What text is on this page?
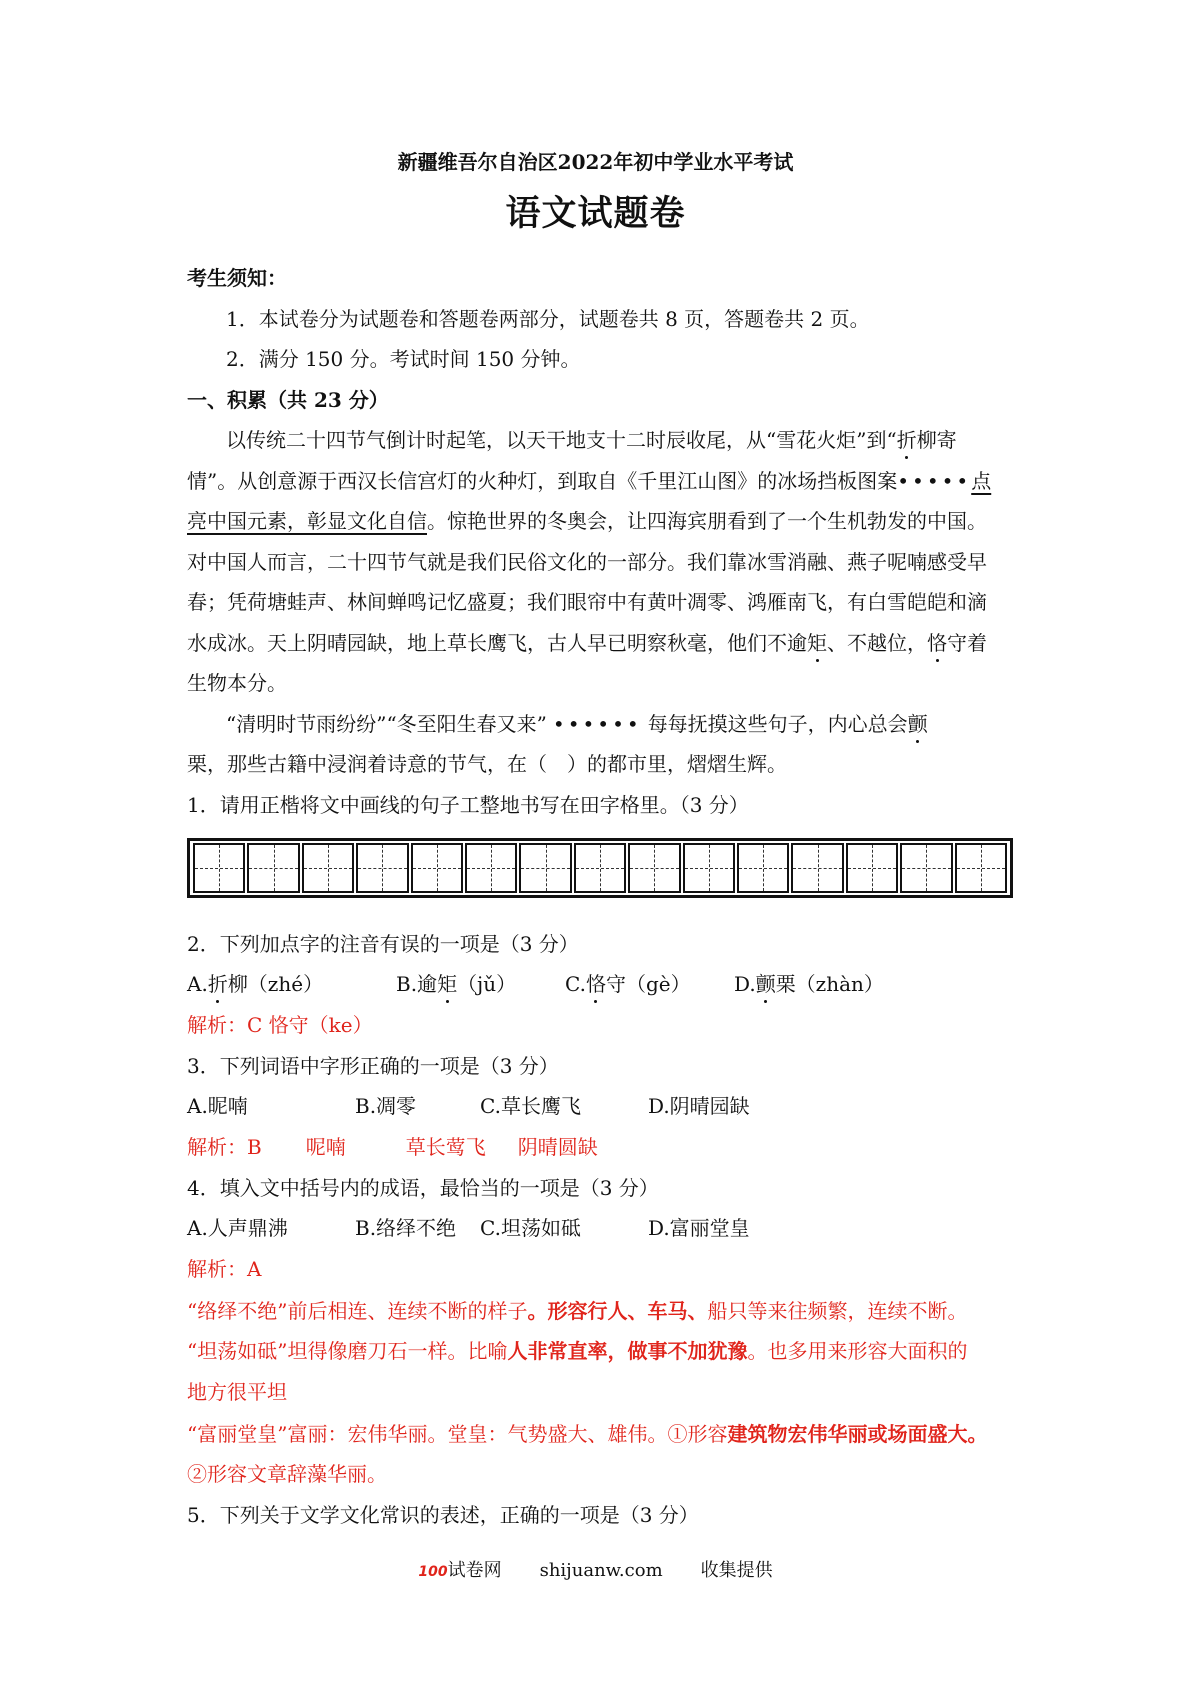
新疆维吾尔自治区2022年初中学业水平考试
语文试题卷
考生须知：
1．本试卷分为试题卷和答题卷两部分，试题卷共 8 页，答题卷共 2 页。
2．满分 150 分。考试时间 150 分钟。
一、积累（共 23 分）
以传统二十四节气倒计时起笔，以天干地支十二时辰收尾，从“雪花火炬”到“折柳寄
情”。从创意源于西汉长信宫灯的火种灯，到取自《千里江山图》的冰场挡板图案•••••点
亮中国元素，彰显文化自信。惊艳世界的冬奥会，让四海宾朋看到了一个生机勃发的中国。
对中国人而言，二十四节气就是我们民俗文化的一部分。我们靠冰雪消融、燕子呢喃感受早
春；凭荷塘蛙声、林间蝉鸣记忆盛夏；我们眼帘中有黄叶凋零、鸿雁南飞，有白雪皑皑和滴
水成冰。天上阴晴园缺，地上草长鹰飞，古人早已明察秋毫，他们不逾矩、不越位，恪守着
生物本分。
“清明时节雨纷纷”“冬至阳生春又来” •••••• 每每抚摸这些句子，内心总会颤
栗，那些古籍中浸润着诗意的节气，在（　）的都市里，熠熠生辉。
1．请用正楷将文中画线的句子工整地书写在田字格里。（3 分）
2．下列加点字的注音有误的一项是（3 分）
A.折柳（zhé）	B.逾矩（jǔ） C.恪守（gè） D.颤栗（zhàn）
解析：C 恪守（ke）
3．下列词语中字形正确的一项是（3 分）
A.昵喃	B.凋零	C.草长鹰飞	D.阴晴园缺
解析：B 呢喃	草长莺飞 阴晴圆缺
4．填入文中括号内的成语，最恰当的一项是（3 分）
A.人声鼎沸	B.络绎不绝 C.坦荡如砥	D.富丽堂皇
解析：A
“络绎不绝”前后相连、连续不断的样子。形容行人、车马、船只等来往频繁，连续不断。
“坦荡如砥”坦得像磨刀石一样。比喻人非常直率，做事不加犹豫。也多用来形容大面积的
地方很平坦
“富丽堂皇”富丽：宏伟华丽。堂皇：气势盛大、雄伟。①形容建筑物宏伟华丽或场面盛大。
②形容文章辞藻华丽。
5．下列关于文学文化常识的表述，正确的一项是（3 分）
100试卷网 shijuanw.com 收集提供
